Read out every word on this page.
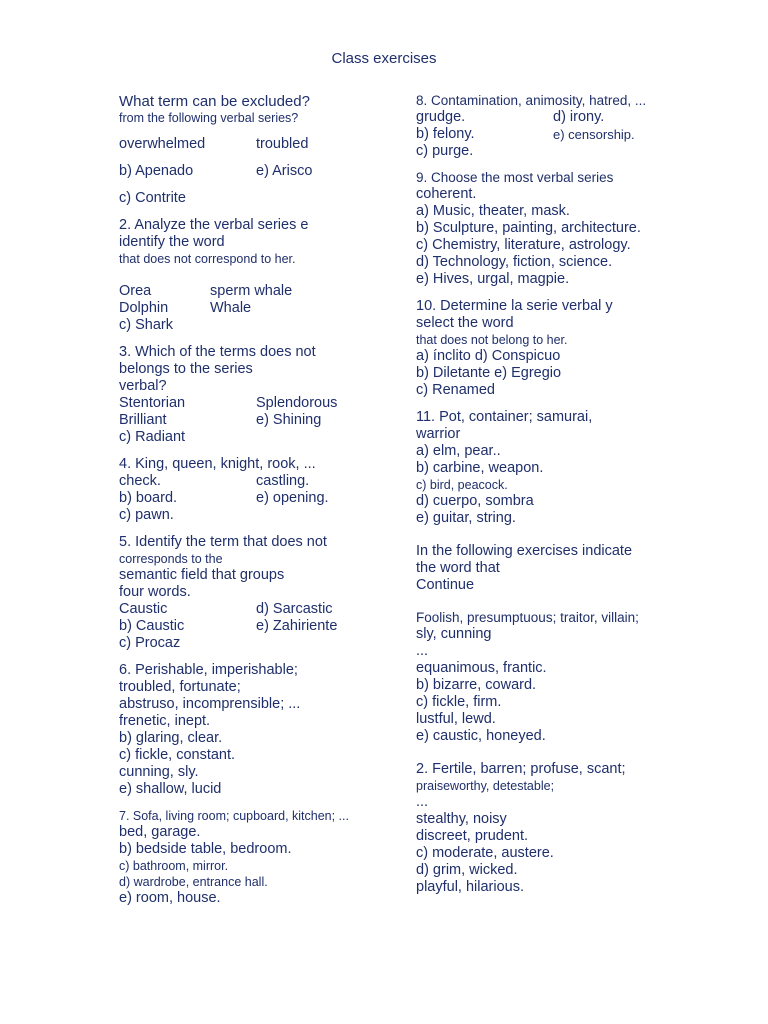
Class exercises
What term can be excluded?
from the following verbal series?
overwhelmed	troubled
b) Apenado	e) Arisco
c) Contrite
2. Analyze the verbal series e
identify the word
that does not correspond to her.
Orea	sperm whale
Dolphin	Whale
c) Shark
3. Which of the terms does not
belongs to the series
verbal?
Stentorian	Splendorous
Brilliant	e) Shining
c) Radiant
4. King, queen, knight, rook, ...
check.	castling.
b) board.	e) opening.
c) pawn.
5. Identify the term that does not
corresponds to the
semantic field that groups
four words.
Caustic	d) Sarcastic
b) Caustic	e) Zahiriente
c) Procaz
6. Perishable, imperishable;
troubled, fortunate;
abstruso, incomprensible; ...
frenetic, inept.
b) glaring, clear.
c) fickle, constant.
cunning, sly.
e) shallow, lucid
7. Sofa, living room; cupboard, kitchen; ...
bed, garage.
b) bedside table, bedroom.
c) bathroom, mirror.
d) wardrobe, entrance hall.
e) room, house.
8. Contamination, animosity, hatred, ...
grudge.	d) irony.
b) felony.	e) censorship.
c) purge.
9. Choose the most verbal series
coherent.
a) Music, theater, mask.
b) Sculpture, painting, architecture.
c) Chemistry, literature, astrology.
d) Technology, fiction, science.
e) Hives, urgal, magpie.
10. Determine la serie verbal y
select the word
that does not belong to her.
a) ínclito d) Conspicuo
b) Diletante e) Egregio
c) Renamed
11. Pot, container; samurai,
warrior
a) elm, pear..
b) carbine, weapon.
c) bird, peacock.
d) cuerpo, sombra
e) guitar, string.
In the following exercises indicate
the word that
Continue
Foolish, presumptuous; traitor, villain;
sly, cunning
...
equanimous, frantic.
b) bizarre, coward.
c) fickle, firm.
lustful, lewd.
e) caustic, honeyed.
2. Fertile, barren; profuse, scant;
praiseworthy, detestable;
...
stealthy, noisy
discreet, prudent.
c) moderate, austere.
d) grim, wicked.
playful, hilarious.
